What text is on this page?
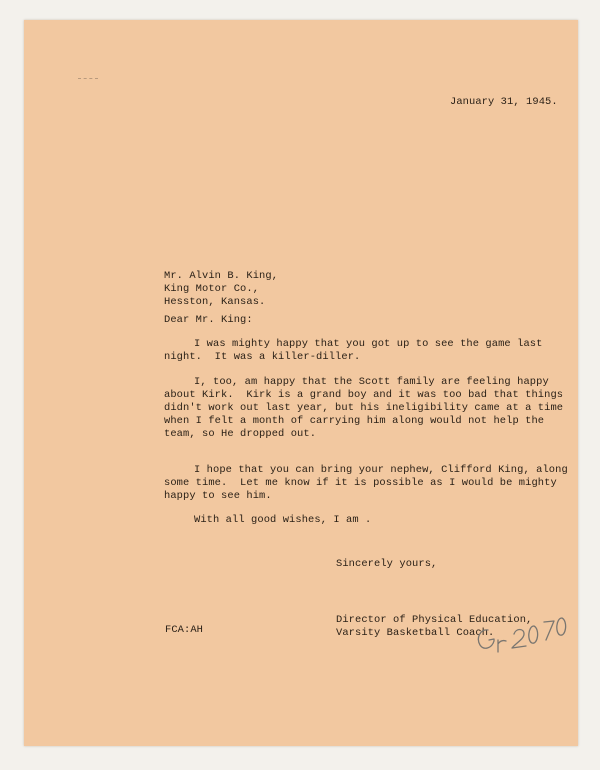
January 31, 1945.
Mr. Alvin B. King,
King Motor Co.,
Hesston, Kansas.
Dear Mr. King:
I was mighty happy that you got up to see the game last
night.  It was a killer-diller.
I, too, am happy that the Scott family are feeling happy
about Kirk.  Kirk is a grand boy and it was too bad that things
didn't work out last year, but his ineligibility came at a time
when I felt a month of carrying him along would not help the
team, so He dropped out.
I hope that you can bring your nephew, Clifford King, along
some time.  Let me know if it is possible as I would be mighty
happy to see him.
With all good wishes, I am .
Sincerely yours,
Director of Physical Education,
Varsity Basketball Coach.
FCA:AH
